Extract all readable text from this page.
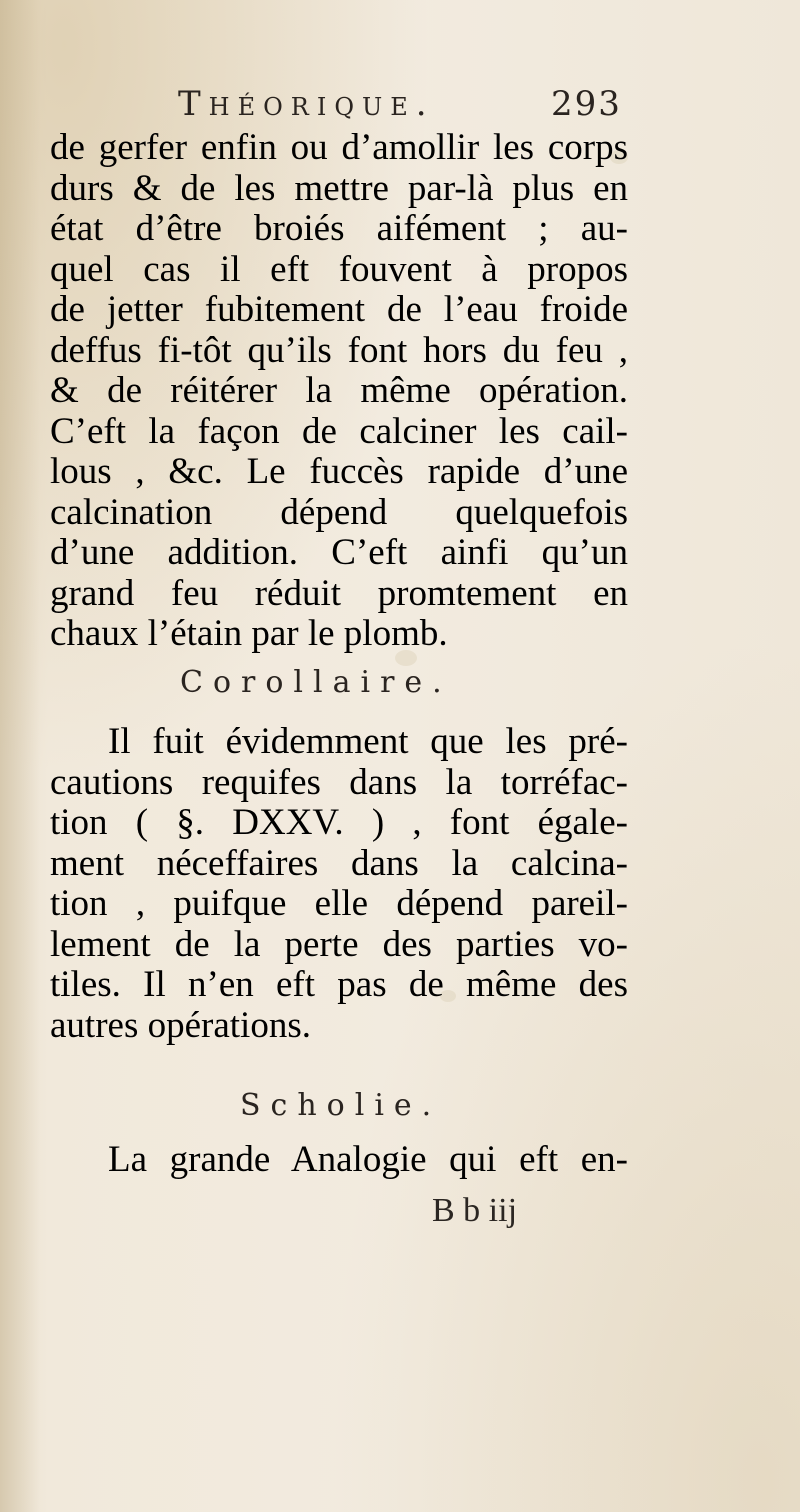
Théorique.	293
de gerfer enfin ou d’amollir les corps
durs & de les mettre par-là plus en
état d’être broiés aifément ; au-
quel cas il eft fouvent à propos
de jetter fubitement de l’eau froide
deffus fi-tôt qu’ils font hors du feu ,
& de réitérer la même opération.
C’eft la façon de calciner les cail-
lous , &c. Le fuccès rapide d’une
calcination dépend quelquefois
d’une addition. C’eft ainfi qu’un
grand feu réduit promtement en
chaux l’étain par le plomb.
Corollaire.
Il fuit évidemment que les pré-
cautions requifes dans la torréfac-
tion ( §. DXXV. ) , font égale-
ment néceffaires dans la calcina-
tion , puifque elle dépend pareil-
lement de la perte des parties vo-
tiles. Il n’en eft pas de même des
autres opérations.
Scholie.
La grande Analogie qui eft en-
B b iij
